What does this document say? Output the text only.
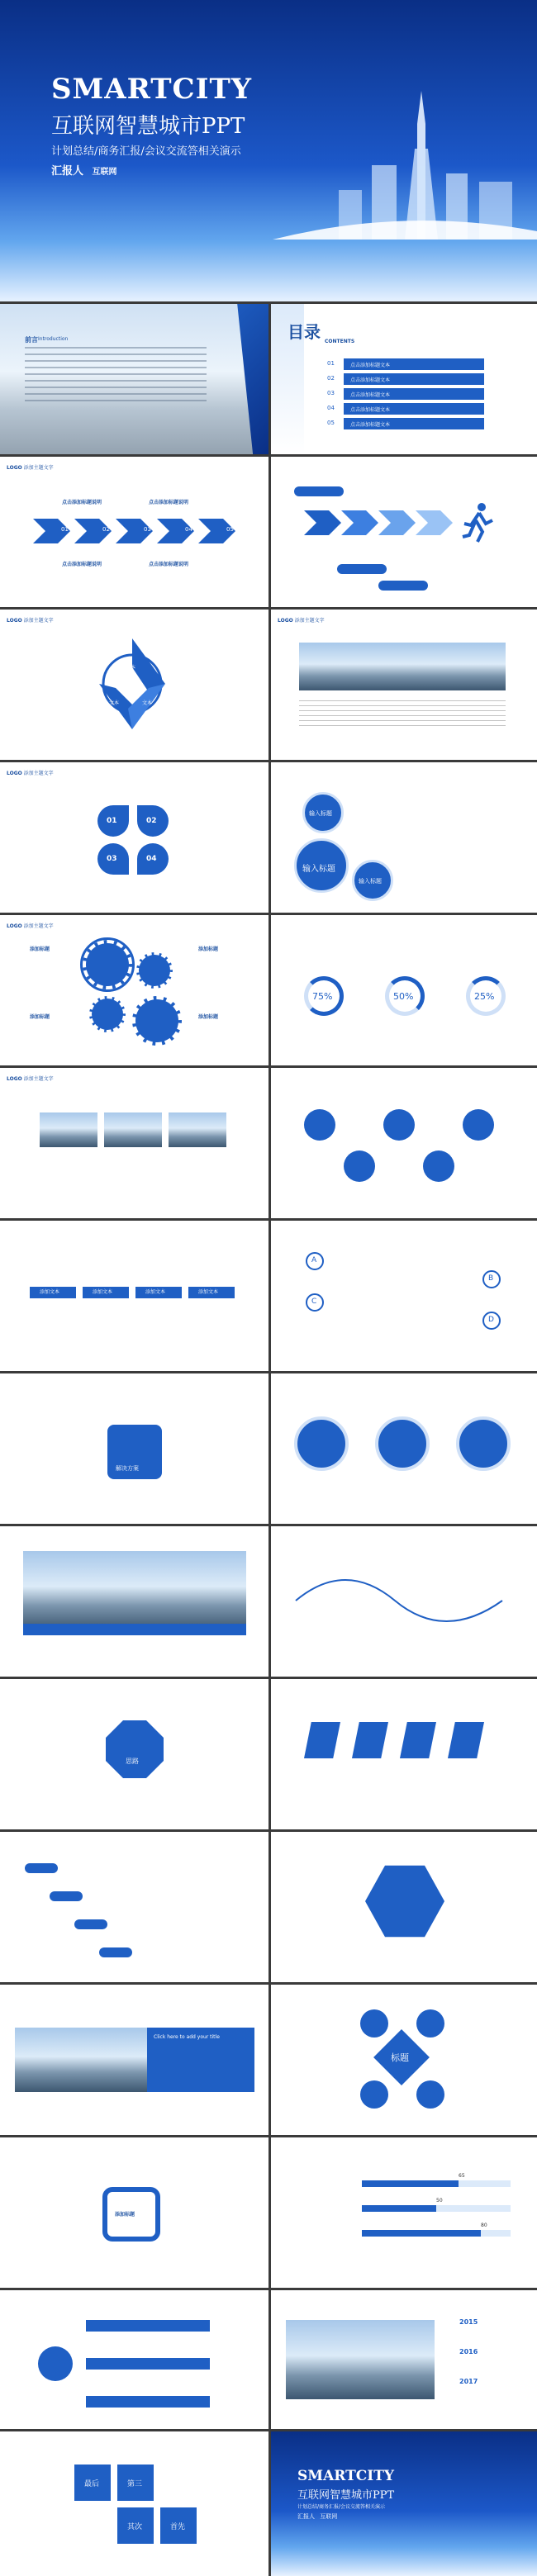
SMARTCITY
互联网智慧城市PPT
计划总结/商务汇报/会议交流答相关演示
汇报人 互联网
前言 Introduction	目录 CONTENTS
01	点击添加标题文本
02	点击添加标题文本
03	点击添加标题文本
04	点击添加标题文本
05	点击添加标题文本
LOGO 添加主题文字
01	02	03	04	05
点击添加标题说明	点击添加标题说明
点击添加标题说明	点击添加标题说明
LOGO 添加主题文字
文本
文本	文本
LOGO 添加主题文字
LOGO 添加主题文字
01	02
03	04
输入标题
输入标题
输入标题
LOGO 添加主题文字
添加标题	添加标题
添加标题	添加标题
75%	50%	25%
LOGO 添加主题文字
添加文本	添加文本	添加文本	添加文本
A
B
C
D
解决方案
思路
Click here to add your title
标题
添加标题
65
50
80
2015
2016
2017
最后	第三
其次	首先
SMARTCITY
互联网智慧城市PPT
计划总结/商务汇报/会议交流答相关演示
汇报人 互联网
